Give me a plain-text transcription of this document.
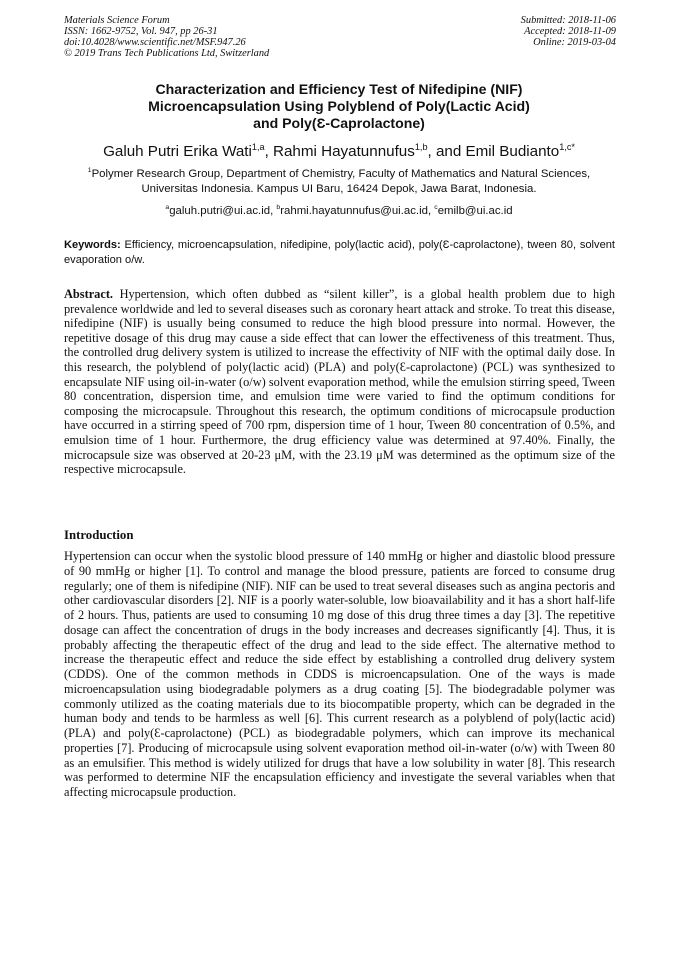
Materials Science Forum
ISSN: 1662-9752, Vol. 947, pp 26-31
doi:10.4028/www.scientific.net/MSF.947.26
© 2019 Trans Tech Publications Ltd, Switzerland
Submitted: 2018-11-06
Accepted: 2018-11-09
Online: 2019-03-04
Characterization and Efficiency Test of Nifedipine (NIF)
Microencapsulation Using Polyblend of Poly(Lactic Acid)
and Poly(Ɛ-Caprolactone)
Galuh Putri Erika Wati$^{1,a}$, Rahmi Hayatunnufus$^{1,b}$, and Emil Budianto$^{1,c*}$
$^1$Polymer Research Group, Department of Chemistry, Faculty of Mathematics and Natural Sciences,
Universitas Indonesia. Kampus UI Baru, 16424 Depok, Jawa Barat, Indonesia.
$^a$galuh.putri@ui.ac.id, $^b$rahmi.hayatunnufus@ui.ac.id, $^c$emilb@ui.ac.id
Keywords: Efficiency, microencapsulation, nifedipine, poly(lactic acid), poly(Ɛ-caprolactone), tween 80, solvent evaporation o/w.
Abstract. Hypertension, which often dubbed as “silent killer”, is a global health problem due to high prevalence worldwide and led to several diseases such as coronary heart attack and stroke. To treat this disease, nifedipine (NIF) is usually being consumed to reduce the high blood pressure into normal. However, the repetitive dosage of this drug may cause a side effect that can lower the effectiveness of this treatment. Thus, the controlled drug delivery system is utilized to increase the effectivity of NIF with the optimal daily dose. In this research, the polyblend of poly(lactic acid) (PLA) and poly(Ɛ-caprolactone) (PCL) was synthesized to encapsulate NIF using oil-in-water (o/w) solvent evaporation method, while the emulsion stirring speed, Tween 80 concentration, dispersion time, and emulsion time were varied to find the optimum conditions for composing the microcapsule. Throughout this research, the optimum conditions of microcapsule production have occurred in a stirring speed of 700 rpm, dispersion time of 1 hour, Tween 80 concentration of 0.5%, and emulsion time of 1 hour. Furthermore, the drug efficiency value was determined at 97.40%. Finally, the microcapsule size was observed at 20-23 μM, with the 23.19 μM was determined as the optimum size of the respective microcapsule.
Introduction
Hypertension can occur when the systolic blood pressure of 140 mmHg or higher and diastolic blood pressure of 90 mmHg or higher [1]. To control and manage the blood pressure, patients are forced to consume drug regularly; one of them is nifedipine (NIF). NIF can be used to treat several diseases such as angina pectoris and other cardiovascular disorders [2]. NIF is a poorly water-soluble, low bioavailability and it has a short half-life of 2 hours. Thus, patients are used to consuming 10 mg dose of this drug three times a day [3]. The repetitive dosage can affect the concentration of drugs in the body increases and decreases significantly [4]. Thus, it is probably affecting the therapeutic effect of the drug and lead to the side effect. The alternative method to increase the therapeutic effect and reduce the side effect by establishing a controlled drug delivery system (CDDS). One of the common methods in CDDS is microencapsulation. One of the ways is made microencapsulation using biodegradable polymers as a drug coating [5]. The biodegradable polymer was commonly utilized as the coating materials due to its biocompatible property, which can be degraded in the human body and tends to be harmless as well [6]. This current research as a polyblend of poly(lactic acid) (PLA) and poly(Ɛ-caprolactone) (PCL) as biodegradable polymers, which can improve its mechanical properties [7]. Producing of microcapsule using solvent evaporation method oil-in-water (o/w) with Tween 80 as an emulsifier. This method is widely utilized for drugs that have a low solubility in water [8]. This research was performed to determine NIF the encapsulation efficiency and investigate the several variables when that affecting microcapsule production.
